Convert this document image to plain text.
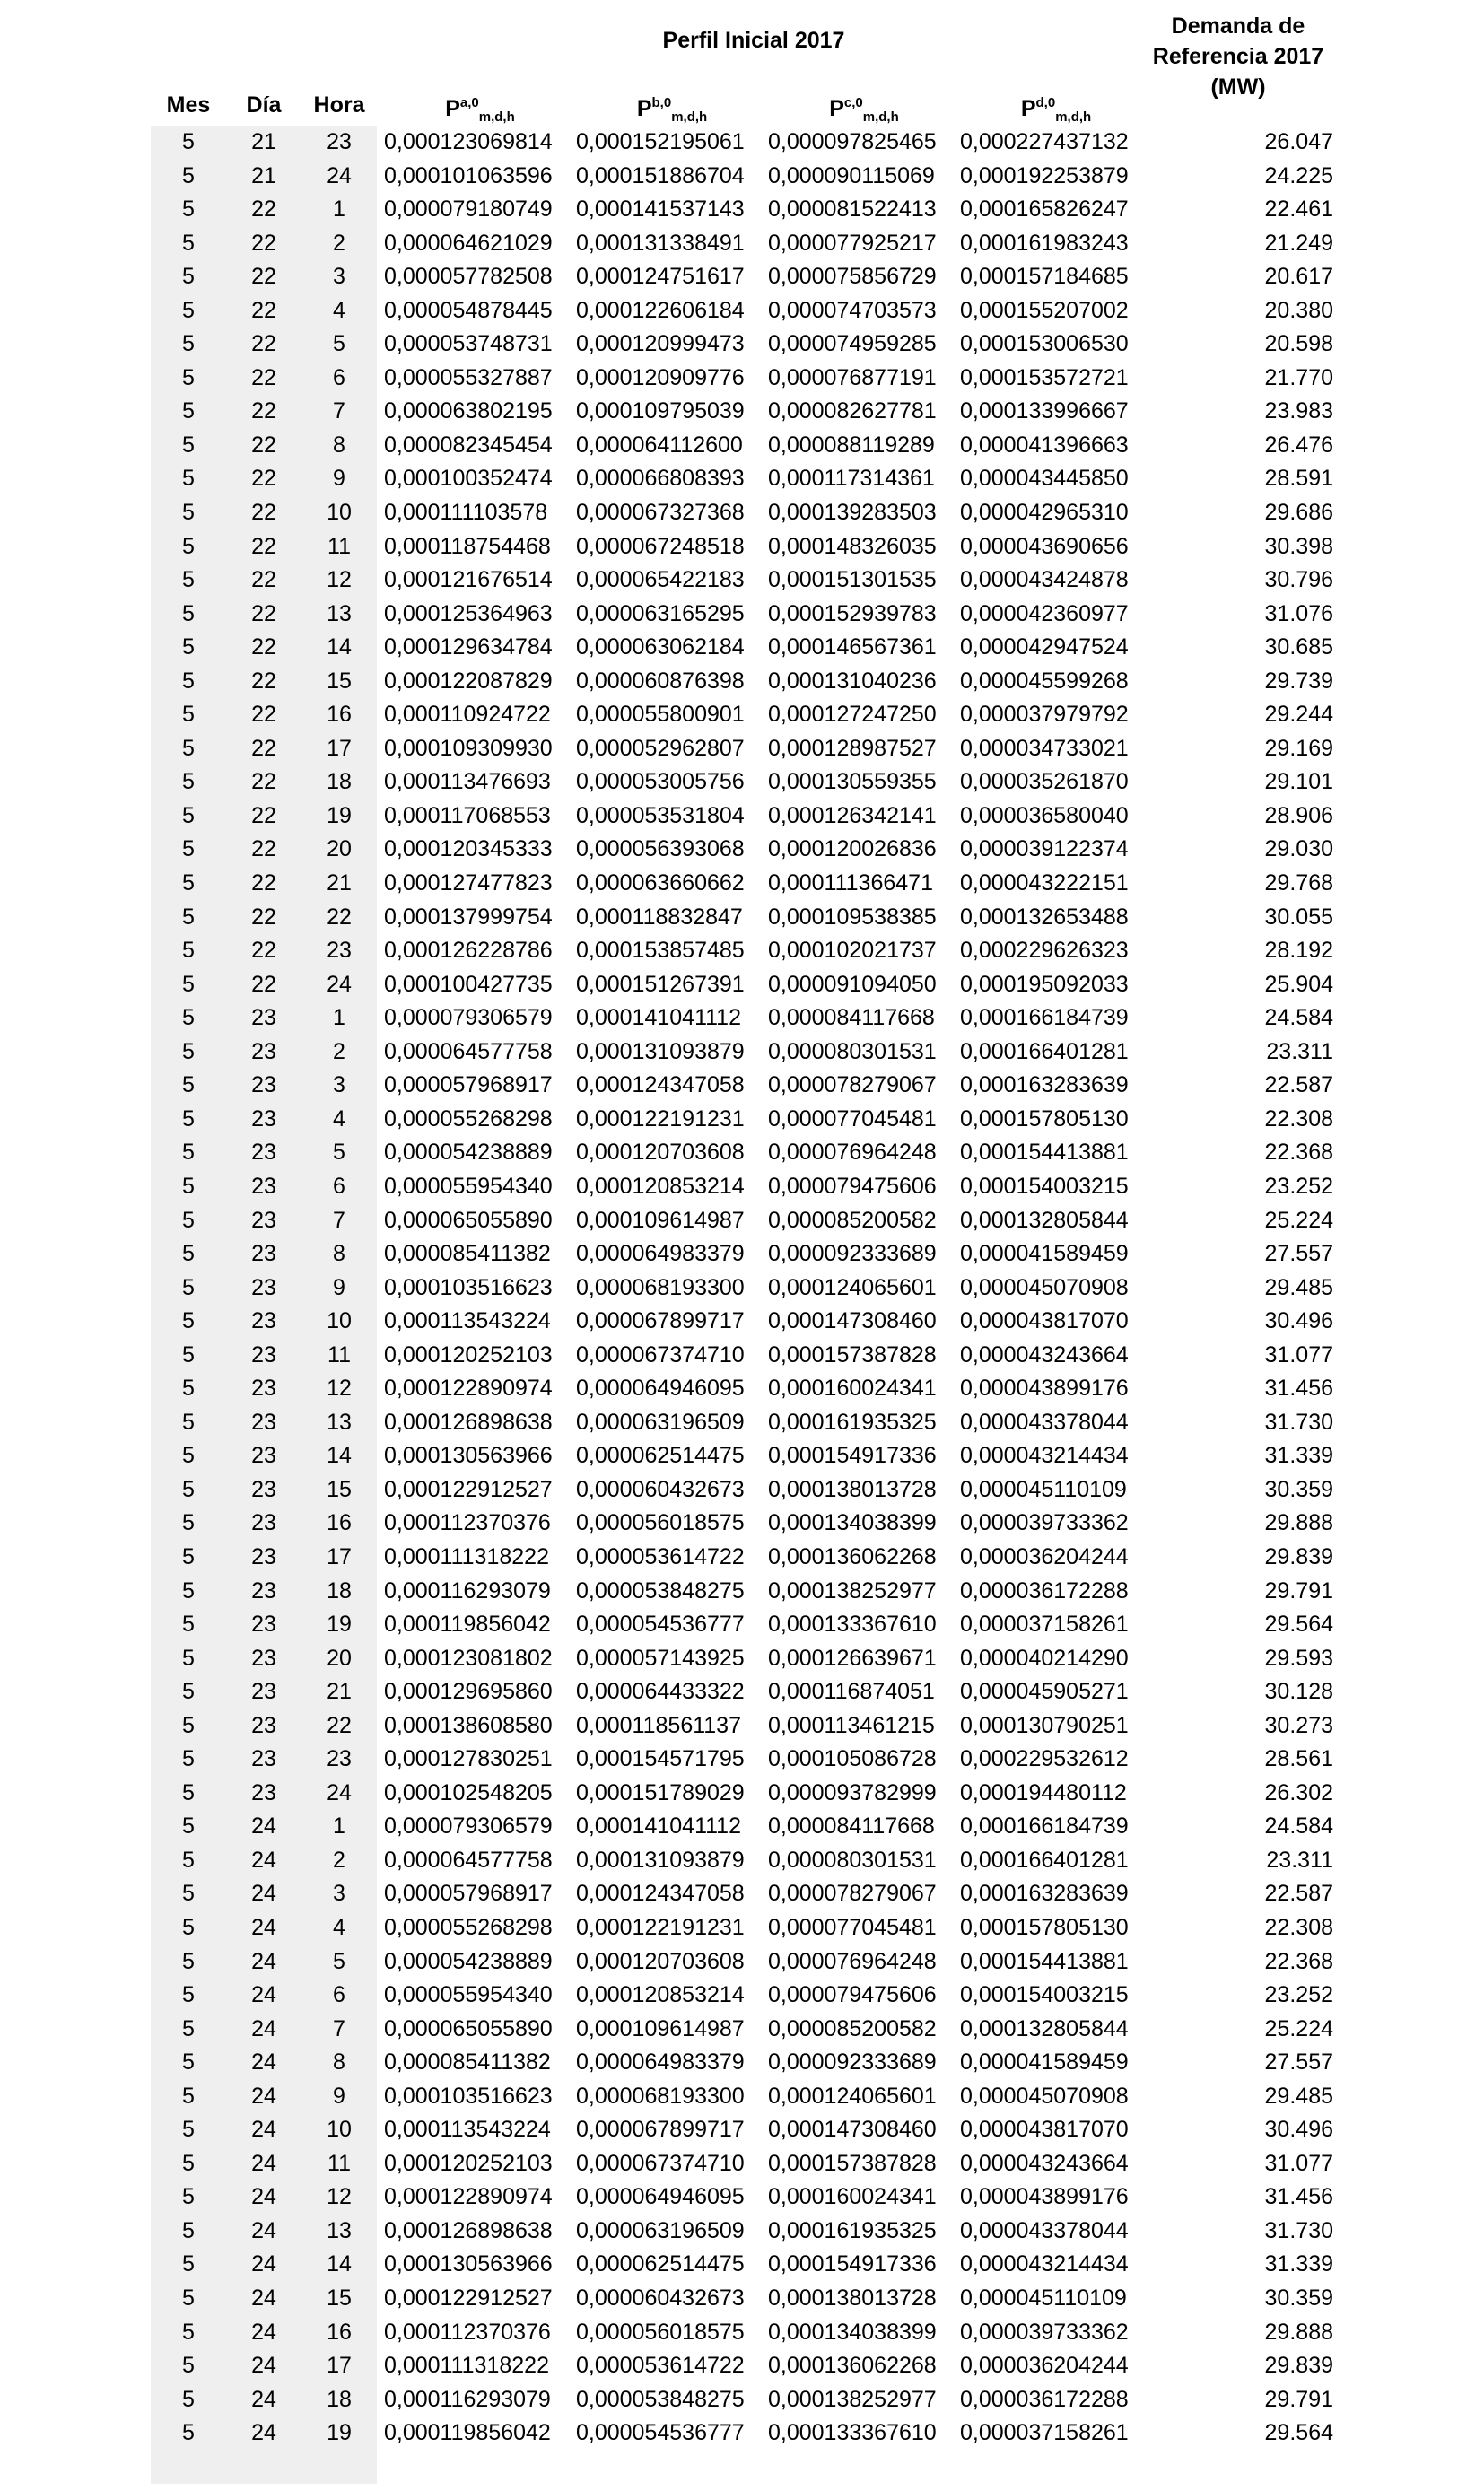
Perfil Inicial 2017
Demanda de
Referencia 2017
(MW)
Mes	Día	Hora	P$^{a,0}_{m,d,h}$	P$^{b,0}_{m,d,h}$	P$^{c,0}_{m,d,h}$	P$^{d,0}_{m,d,h}$
5	21	23	0,000123069814 0,000152195061 0,000097825465 0,000227437132	26.047
5	21	24	0,000101063596 0,000151886704 0,000090115069 0,000192253879	24.225
5	22	1	0,000079180749 0,000141537143 0,000081522413 0,000165826247	22.461
5	22	2	0,000064621029 0,000131338491 0,000077925217 0,000161983243	21.249
5	22	3	0,000057782508 0,000124751617 0,000075856729 0,000157184685	20.617
5	22	4	0,000054878445 0,000122606184 0,000074703573 0,000155207002	20.380
5	22	5	0,000053748731 0,000120999473 0,000074959285 0,000153006530	20.598
5	22	6	0,000055327887 0,000120909776 0,000076877191 0,000153572721	21.770
5	22	7	0,000063802195 0,000109795039 0,000082627781 0,000133996667	23.983
5	22	8	0,000082345454 0,000064112600 0,000088119289 0,000041396663	26.476
5	22	9	0,000100352474 0,000066808393 0,000117314361 0,000043445850	28.591
5	22	10	0,000111103578 0,000067327368 0,000139283503 0,000042965310	29.686
5	22	11	0,000118754468 0,000067248518 0,000148326035 0,000043690656	30.398
5	22	12	0,000121676514 0,000065422183 0,000151301535 0,000043424878	30.796
5	22	13	0,000125364963 0,000063165295 0,000152939783 0,000042360977	31.076
5	22	14	0,000129634784 0,000063062184 0,000146567361 0,000042947524	30.685
5	22	15	0,000122087829 0,000060876398 0,000131040236 0,000045599268	29.739
5	22	16	0,000110924722 0,000055800901 0,000127247250 0,000037979792	29.244
5	22	17	0,000109309930 0,000052962807 0,000128987527 0,000034733021	29.169
5	22	18	0,000113476693 0,000053005756 0,000130559355 0,000035261870	29.101
5	22	19	0,000117068553 0,000053531804 0,000126342141 0,000036580040	28.906
5	22	20	0,000120345333 0,000056393068 0,000120026836 0,000039122374	29.030
5	22	21	0,000127477823 0,000063660662 0,000111366471 0,000043222151	29.768
5	22	22	0,000137999754 0,000118832847 0,000109538385 0,000132653488	30.055
5	22	23	0,000126228786 0,000153857485 0,000102021737 0,000229626323	28.192
5	22	24	0,000100427735 0,000151267391 0,000091094050 0,000195092033	25.904
5	23	1	0,000079306579 0,000141041112 0,000084117668 0,000166184739	24.584
5	23	2	0,000064577758 0,000131093879 0,000080301531 0,000166401281	23.311
5	23	3	0,000057968917 0,000124347058 0,000078279067 0,000163283639	22.587
5	23	4	0,000055268298 0,000122191231 0,000077045481 0,000157805130	22.308
5	23	5	0,000054238889 0,000120703608 0,000076964248 0,000154413881	22.368
5	23	6	0,000055954340 0,000120853214 0,000079475606 0,000154003215	23.252
5	23	7	0,000065055890 0,000109614987 0,000085200582 0,000132805844	25.224
5	23	8	0,000085411382 0,000064983379 0,000092333689 0,000041589459	27.557
5	23	9	0,000103516623 0,000068193300 0,000124065601 0,000045070908	29.485
5	23	10	0,000113543224 0,000067899717 0,000147308460 0,000043817070	30.496
5	23	11	0,000120252103 0,000067374710 0,000157387828 0,000043243664	31.077
5	23	12	0,000122890974 0,000064946095 0,000160024341 0,000043899176	31.456
5	23	13	0,000126898638 0,000063196509 0,000161935325 0,000043378044	31.730
5	23	14	0,000130563966 0,000062514475 0,000154917336 0,000043214434	31.339
5	23	15	0,000122912527 0,000060432673 0,000138013728 0,000045110109	30.359
5	23	16	0,000112370376 0,000056018575 0,000134038399 0,000039733362	29.888
5	23	17	0,000111318222 0,000053614722 0,000136062268 0,000036204244	29.839
5	23	18	0,000116293079 0,000053848275 0,000138252977 0,000036172288	29.791
5	23	19	0,000119856042 0,000054536777 0,000133367610 0,000037158261	29.564
5	23	20	0,000123081802 0,000057143925 0,000126639671 0,000040214290	29.593
5	23	21	0,000129695860 0,000064433322 0,000116874051 0,000045905271	30.128
5	23	22	0,000138608580 0,000118561137 0,000113461215 0,000130790251	30.273
5	23	23	0,000127830251 0,000154571795 0,000105086728 0,000229532612	28.561
5	23	24	0,000102548205 0,000151789029 0,000093782999 0,000194480112	26.302
5	24	1	0,000079306579 0,000141041112 0,000084117668 0,000166184739	24.584
5	24	2	0,000064577758 0,000131093879 0,000080301531 0,000166401281	23.311
5	24	3	0,000057968917 0,000124347058 0,000078279067 0,000163283639	22.587
5	24	4	0,000055268298 0,000122191231 0,000077045481 0,000157805130	22.308
5	24	5	0,000054238889 0,000120703608 0,000076964248 0,000154413881	22.368
5	24	6	0,000055954340 0,000120853214 0,000079475606 0,000154003215	23.252
5	24	7	0,000065055890 0,000109614987 0,000085200582 0,000132805844	25.224
5	24	8	0,000085411382 0,000064983379 0,000092333689 0,000041589459	27.557
5	24	9	0,000103516623 0,000068193300 0,000124065601 0,000045070908	29.485
5	24	10	0,000113543224 0,000067899717 0,000147308460 0,000043817070	30.496
5	24	11	0,000120252103 0,000067374710 0,000157387828 0,000043243664	31.077
5	24	12	0,000122890974 0,000064946095 0,000160024341 0,000043899176	31.456
5	24	13	0,000126898638 0,000063196509 0,000161935325 0,000043378044	31.730
5	24	14	0,000130563966 0,000062514475 0,000154917336 0,000043214434	31.339
5	24	15	0,000122912527 0,000060432673 0,000138013728 0,000045110109	30.359
5	24	16	0,000112370376 0,000056018575 0,000134038399 0,000039733362	29.888
5	24	17	0,000111318222 0,000053614722 0,000136062268 0,000036204244	29.839
5	24	18	0,000116293079 0,000053848275 0,000138252977 0,000036172288	29.791
5	24	19	0,000119856042 0,000054536777 0,000133367610 0,000037158261	29.564
